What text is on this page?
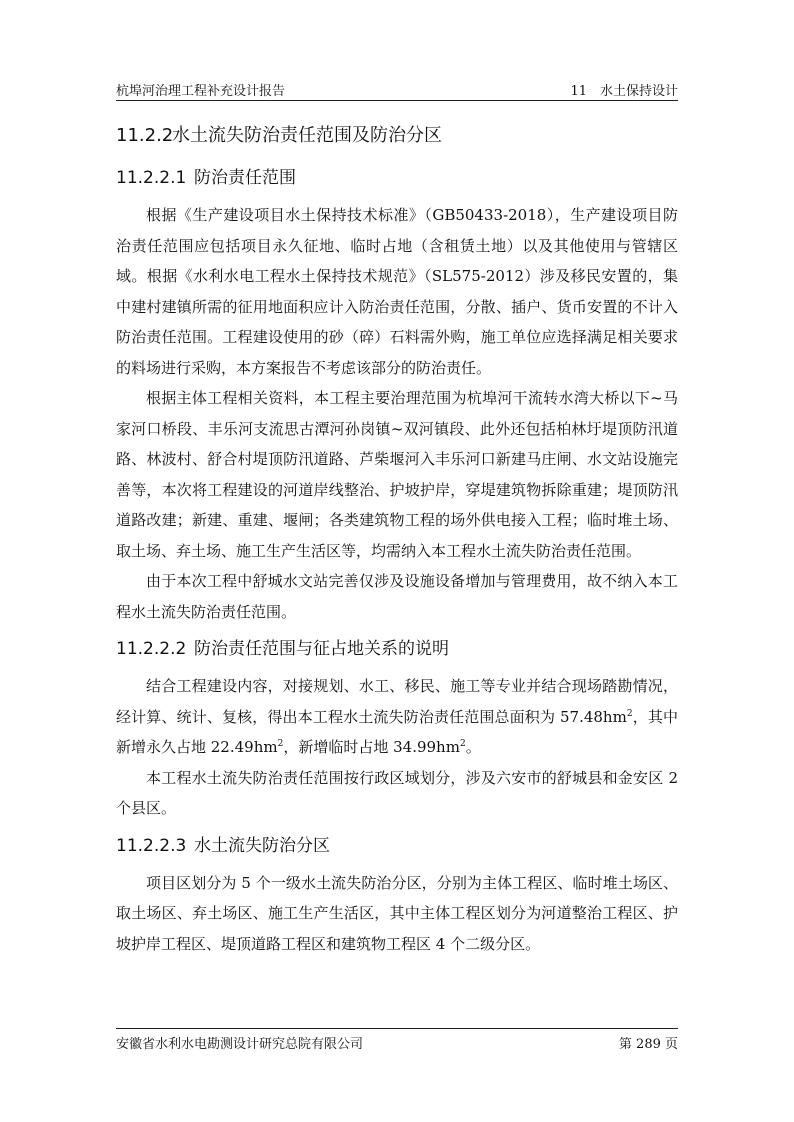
杭埠河治理工程补充设计报告	11　水土保持设计
11.2.2水土流失防治责任范围及防治分区
11.2.2.1 防治责任范围

根据《生产建设项目水土保持技术标准》（GB50433-2018），生产建设项目防治责任范围应包括项目永久征地、临时占地（含租赁土地）以及其他使用与管辖区域。根据《水利水电工程水土保持技术规范》（SL575-2012）涉及移民安置的，集中建村建镇所需的征用地面积应计入防治责任范围，分散、插户、货币安置的不计入防治责任范围。工程建设使用的砂（碎）石料需外购，施工单位应选择满足相关要求的料场进行采购，本方案报告不考虑该部分的防治责任。

根据主体工程相关资料，本工程主要治理范围为杭埠河干流转水湾大桥以下~马家河口桥段、丰乐河支流思古潭河孙岗镇~双河镇段、此外还包括柏林圩堤顶防汛道路、林波村、舒合村堤顶防汛道路、芦柴堰河入丰乐河口新建马庄闸、水文站设施完善等，本次将工程建设的河道岸线整治、护坡护岸，穿堤建筑物拆除重建；堤顶防汛道路改建；新建、重建、堰闸；各类建筑物工程的场外供电接入工程；临时堆土场、取土场、弃土场、施工生产生活区等，均需纳入本工程水土流失防治责任范围。

由于本次工程中舒城水文站完善仅涉及设施设备增加与管理费用，故不纳入本工程水土流失防治责任范围。

11.2.2.2 防治责任范围与征占地关系的说明

结合工程建设内容，对接规划、水工、移民、施工等专业并结合现场踏勘情况，经计算、统计、复核，得出本工程水土流失防治责任范围总面积为 $57.48hm^2$，其中新增永久占地 $22.49hm^2$，新增临时占地 $34.99hm^2$。

本工程水土流失防治责任范围按行政区域划分，涉及六安市的舒城县和金安区 2 个县区。

11.2.2.3 水土流失防治分区

项目区划分为 5 个一级水土流失防治分区，分别为主体工程区、临时堆土场区、取土场区、弃土场区、施工生产生活区，其中主体工程区划分为河道整治工程区、护坡护岸工程区、堤顶道路工程区和建筑物工程区 4 个二级分区。

安徽省水利水电勘测设计研究总院有限公司	第 289 页
